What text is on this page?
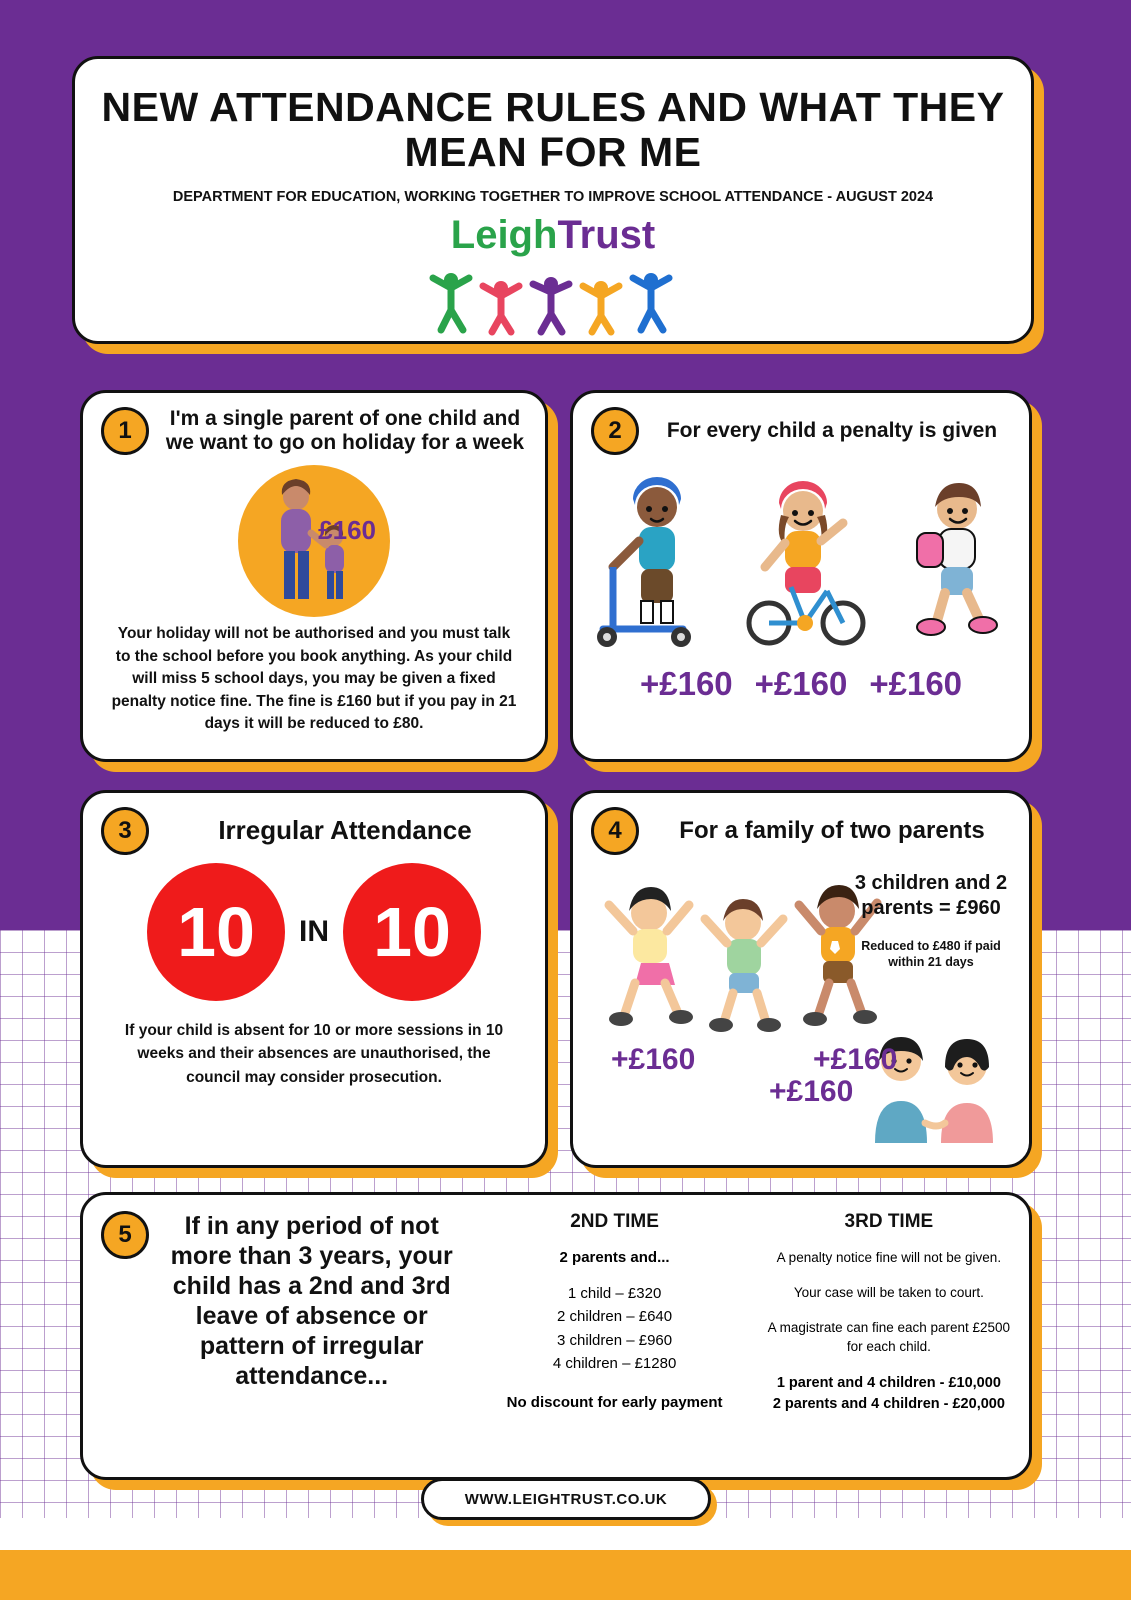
NEW ATTENDANCE RULES AND WHAT THEY MEAN FOR ME
DEPARTMENT FOR EDUCATION, WORKING TOGETHER TO IMPROVE SCHOOL ATTENDANCE - AUGUST 2024
LeighTrust
1	I'm a single parent of one child and we want to go on holiday for a week
£160
Your holiday will not be authorised and you must talk to the school before you book anything. As your child will miss 5 school days, you may be given a fixed penalty notice fine. The fine is £160 but if you pay in 21 days it will be reduced to £80.
2	For every child a penalty is given
+£160 +£160 +£160
3	Irregular Attendance
10	IN 10
If your child is absent for 10 or more sessions in 10 weeks and their absences are unauthorised, the council may consider prosecution.
4	For a family of two parents
3 children and 2 parents = £960
Reduced to £480 if paid within 21 days
+£160	+£160
+£160
5	If in any period of not more than 3 years, your child has a 2nd and 3rd leave of absence or pattern of irregular attendance...
2ND TIME
2 parents and...
1 child – £320
2 children – £640
3 children – £960
4 children – £1280
No discount for early payment
3RD TIME
A penalty notice fine will not be given.
Your case will be taken to court.
A magistrate can fine each parent £2500 for each child.
1 parent and 4 children - £10,000
2 parents and 4 children - £20,000
WWW.LEIGHTRUST.CO.UK
